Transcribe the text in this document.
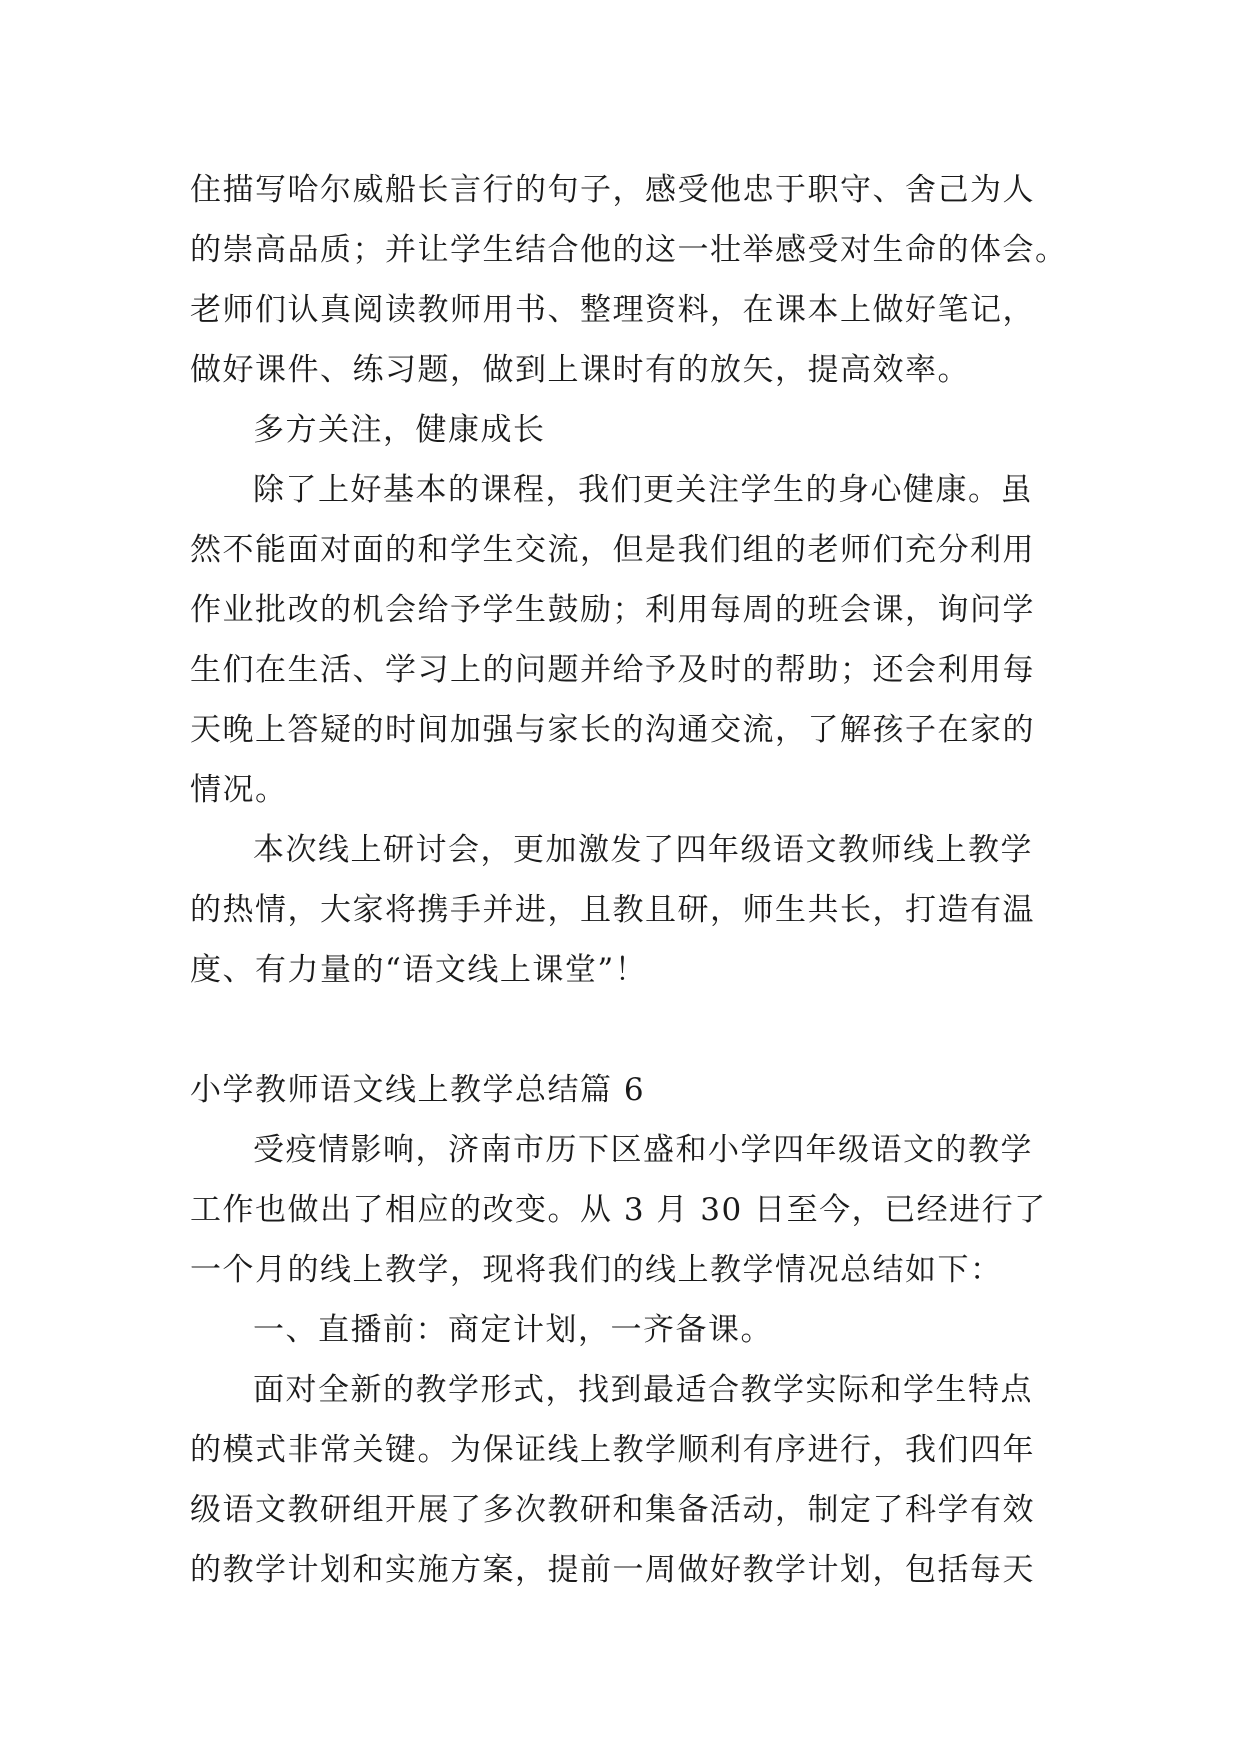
住描写哈尔威船长言行的句子，感受他忠于职守、舍己为人
的崇高品质；并让学生结合他的这一壮举感受对生命的体会。
老师们认真阅读教师用书、整理资料，在课本上做好笔记，
做好课件、练习题，做到上课时有的放矢，提高效率。
多方关注，健康成长
除了上好基本的课程，我们更关注学生的身心健康。虽
然不能面对面的和学生交流，但是我们组的老师们充分利用
作业批改的机会给予学生鼓励；利用每周的班会课，询问学
生们在生活、学习上的问题并给予及时的帮助；还会利用每
天晚上答疑的时间加强与家长的沟通交流，了解孩子在家的
情况。
本次线上研讨会，更加激发了四年级语文教师线上教学
的热情，大家将携手并进，且教且研，师生共长，打造有温
度、有力量的“语文线上课堂”！
小学教师语文线上教学总结篇 6
受疫情影响，济南市历下区盛和小学四年级语文的教学
工作也做出了相应的改变。从 3 月 30 日至今，已经进行了
一个月的线上教学，现将我们的线上教学情况总结如下：
一、直播前：商定计划，一齐备课。
面对全新的教学形式，找到最适合教学实际和学生特点
的模式非常关键。为保证线上教学顺利有序进行，我们四年
级语文教研组开展了多次教研和集备活动，制定了科学有效
的教学计划和实施方案，提前一周做好教学计划，包括每天
